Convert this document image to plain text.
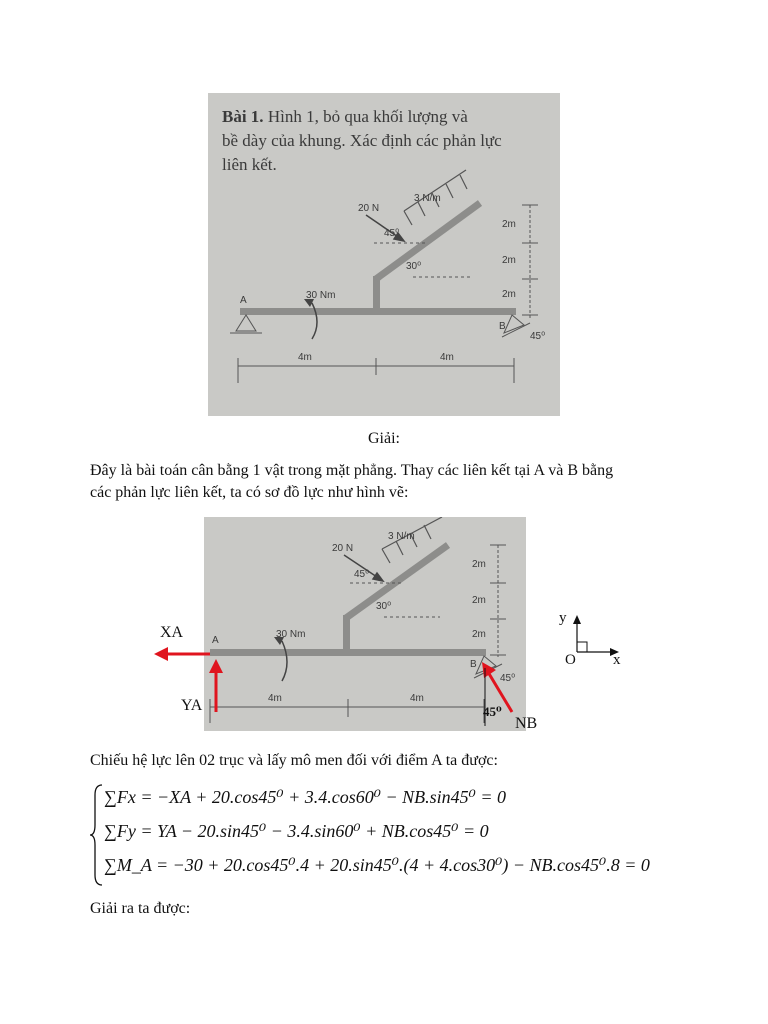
Bài 1. Hình 1, bỏ qua khối lượng và
bề dày của khung. Xác định các phản lực
liên kết.
20 N
3 N/m
45⁰
30⁰
30 Nm
2m
2m
2m
A
B
45⁰
4m	4m
Giải:
Đây là bài toán cân bằng 1 vật trong mặt phẳng. Thay các liên kết tại A và B bằng
các phản lực liên kết, ta có sơ đồ lực như hình vẽ:
20 N
3 N/m
45⁰
30⁰
30 Nm
2m
2m
2m
A
B
45⁰
4m	4m
XA
YA
NB
45⁰
y
x
O
Chiếu hệ lực lên 02 trục và lấy mô men đối với điểm A ta được:
∑Fx = −XA + 20.cos45⁰ + 3.4.cos60⁰ − NB.sin45⁰ = 0
∑Fy = YA − 20.sin45⁰ − 3.4.sin60⁰ + NB.cos45⁰ = 0
∑M_A = −30 + 20.cos45⁰.4 + 20.sin45⁰.(4 + 4.cos30⁰) − NB.cos45⁰.8 = 0
Giải ra ta được:
